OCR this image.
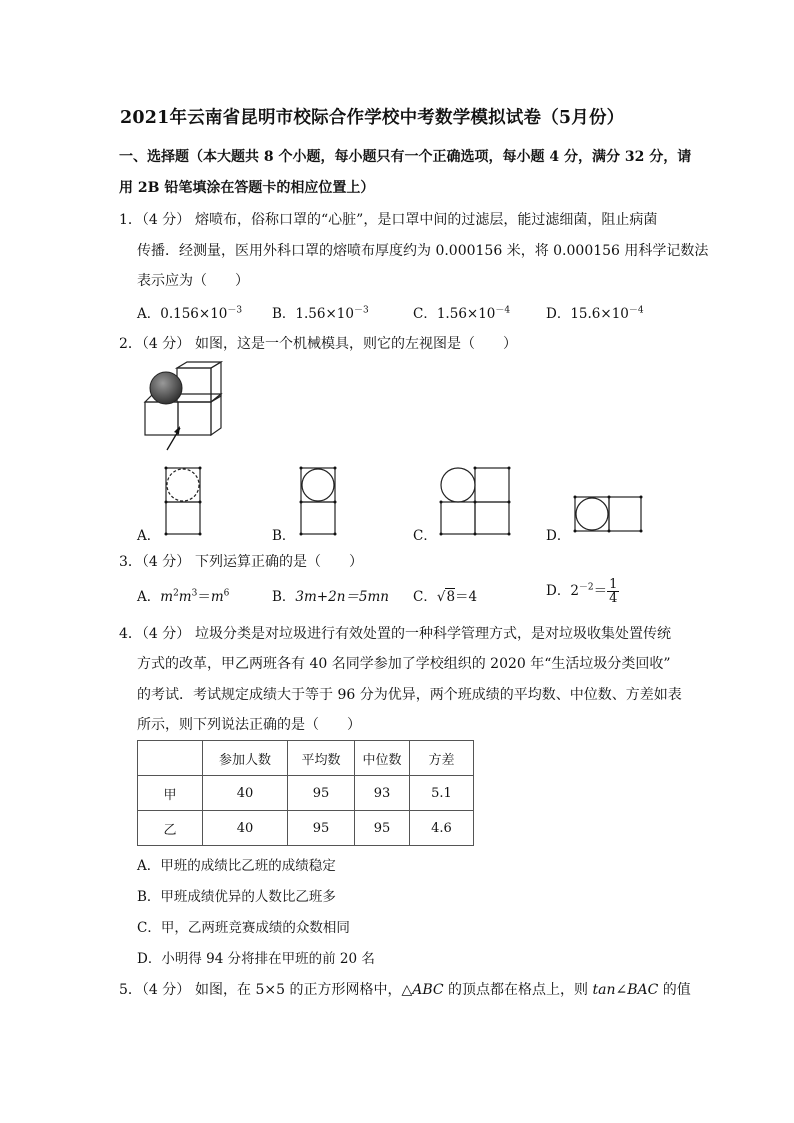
2021年云南省昆明市校际合作学校中考数学模拟试卷（5月份）
一、选择题（本大题共 8 个小题，每小题只有一个正确选项，每小题 4 分，满分 32 分，请
用 2B 铅笔填涂在答题卡的相应位置上）
1．（4 分） 熔喷布，俗称口罩的“心脏”，是口罩中间的过滤层，能过滤细菌，阻止病菌
传播．经测量，医用外科口罩的熔喷布厚度约为 0.000156 米，将 0.000156 用科学记数法
表示应为（　　）
A．$0.156\times 10^{-3}$ B．$1.56\times 10^{-3}$	C．$1.56\times 10^{-4}$	D．$15.6\times 10^{-4}$
2．（4 分） 如图，这是一个机械模具，则它的左视图是（　　）
A．	B．	C．	D．
3．（4 分） 下列运算正确的是（　　）
A．$m^2m^3=m^6$	B．3m+2n＝5mn C．√8＝4	D．$2^{-2}= \frac{1}{4}$
4．（4 分） 垃圾分类是对垃圾进行有效处置的一种科学管理方式，是对垃圾收集处置传统
方式的改革，甲乙两班各有 40 名同学参加了学校组织的 2020 年“生活垃圾分类回收”
的考试．考试规定成绩大于等于 96 分为优异，两个班成绩的平均数、中位数、方差如表
所示，则下列说法正确的是（　　）
	参加人数	平均数	中位数	方差
甲	40	95	93	5.1
乙	40	95	95	4.6
A．甲班的成绩比乙班的成绩稳定
B．甲班成绩优异的人数比乙班多
C．甲，乙两班竞赛成绩的众数相同
D．小明得 94 分将排在甲班的前 20 名
5．（4 分） 如图，在 5×5 的正方形网格中，△ABC 的顶点都在格点上，则 tan∠BAC 的值
